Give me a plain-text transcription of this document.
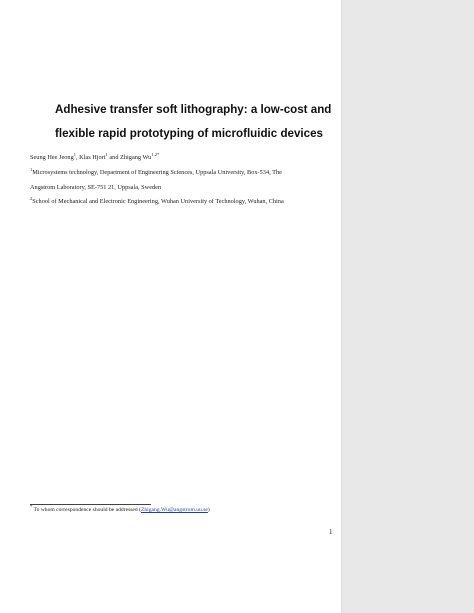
Adhesive transfer soft lithography: a low-cost and
flexible rapid prototyping of microfluidic devices
Seung Hee Jeong$^1$, Klas Hjort$^1$ and Zhigang $Wu^{1,2*}$
$^1$Microsystems technology, Department of Engineering Sciences, Uppsala University, Box-534, The
Angstrom Laboratory, SE-751 21, Uppsala, Sweden
$^2$School of Mechanical and Electronic Engineering, Wuhan University of Technology, Wuhan, China
* To whom correspondence should be addressed (Zhigang.Wu@angstrom.uu.se)
1
